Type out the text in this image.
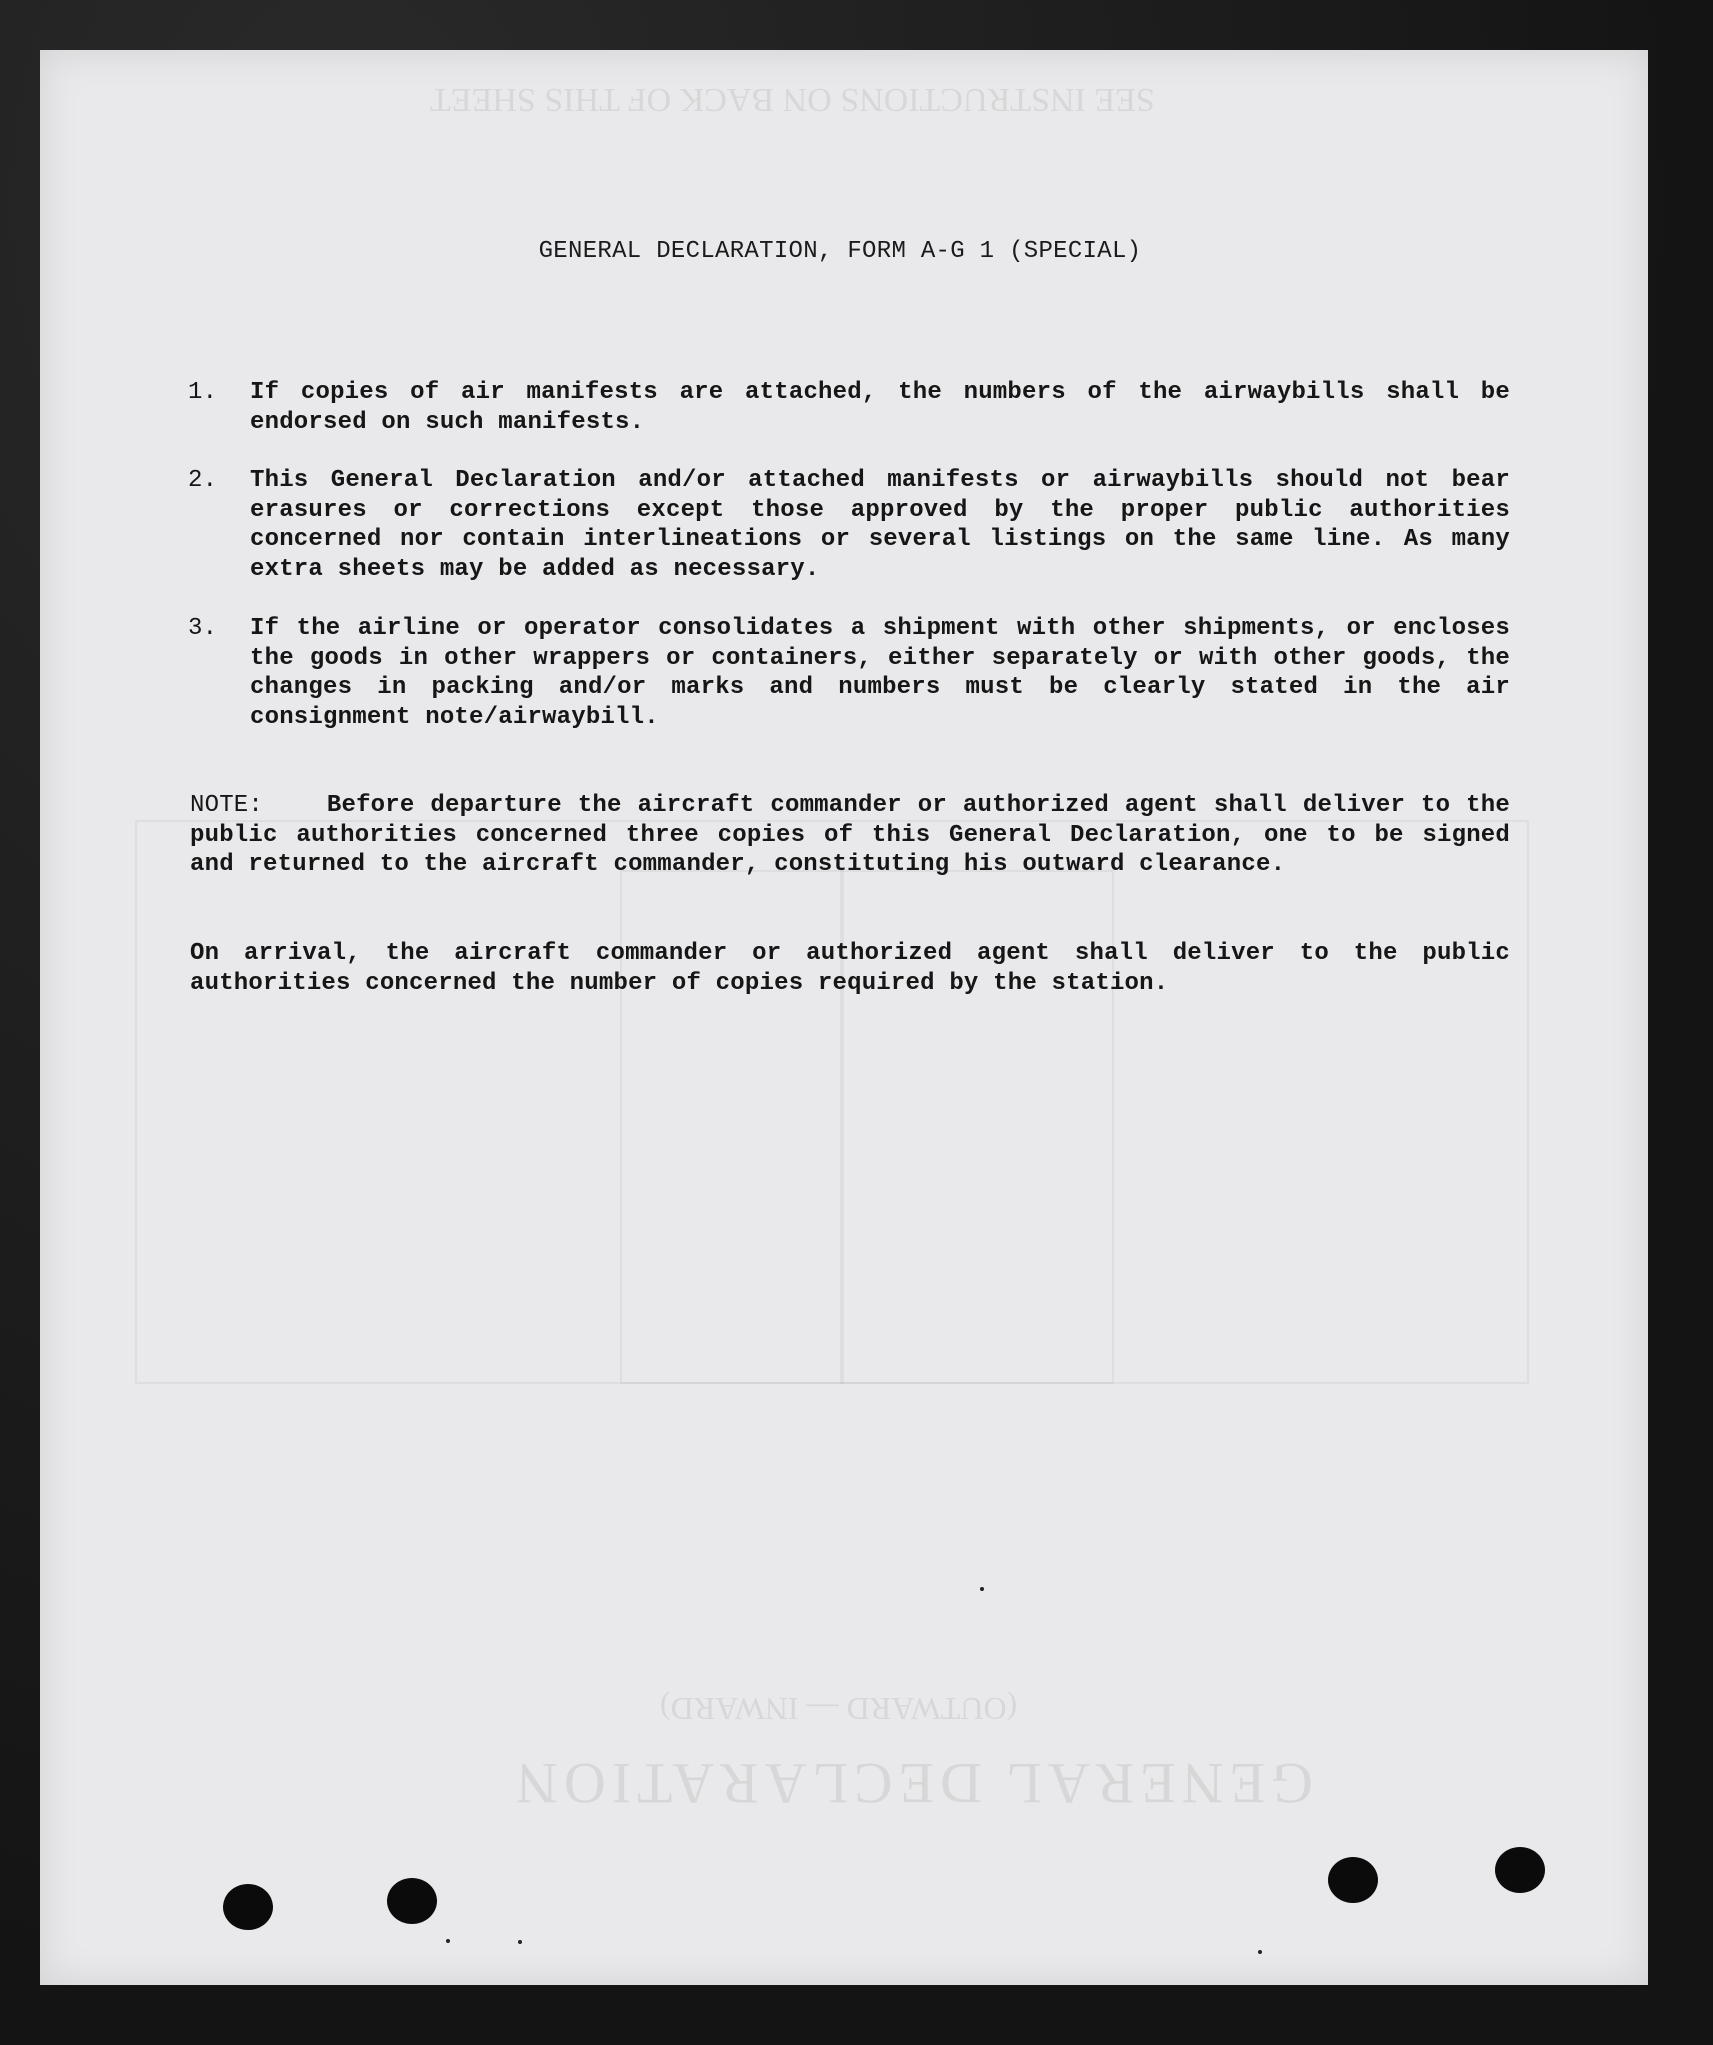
SEE INSTRUCTIONS ON BACK OF THIS SHEET
GENERAL DECLARATION
(OUTWARD — INWARD)
GENERAL DECLARATION, FORM A-G 1 (SPECIAL)
1. If copies of air manifests are attached, the numbers of the airwaybills shall be endorsed on such manifests.
2. This General Declaration and/or attached manifests or airwaybills should not bear erasures or corrections except those approved by the proper public authorities concerned nor contain interlineations or several listings on the same line. As many extra sheets may be added as necessary.
3. If the airline or operator consolidates a shipment with other shipments, or encloses the goods in other wrappers or containers, either separately or with other goods, the changes in packing and/or marks and numbers must be clearly stated in the air consignment note/airwaybill.
NOTE:	Before departure the aircraft commander or authorized agent shall deliver to the public authorities concerned three copies of this General Declaration, one to be signed and returned to the aircraft commander, constituting his outward clearance.
On arrival, the aircraft commander or authorized agent shall deliver to the public authorities concerned the number of copies required by the station.
